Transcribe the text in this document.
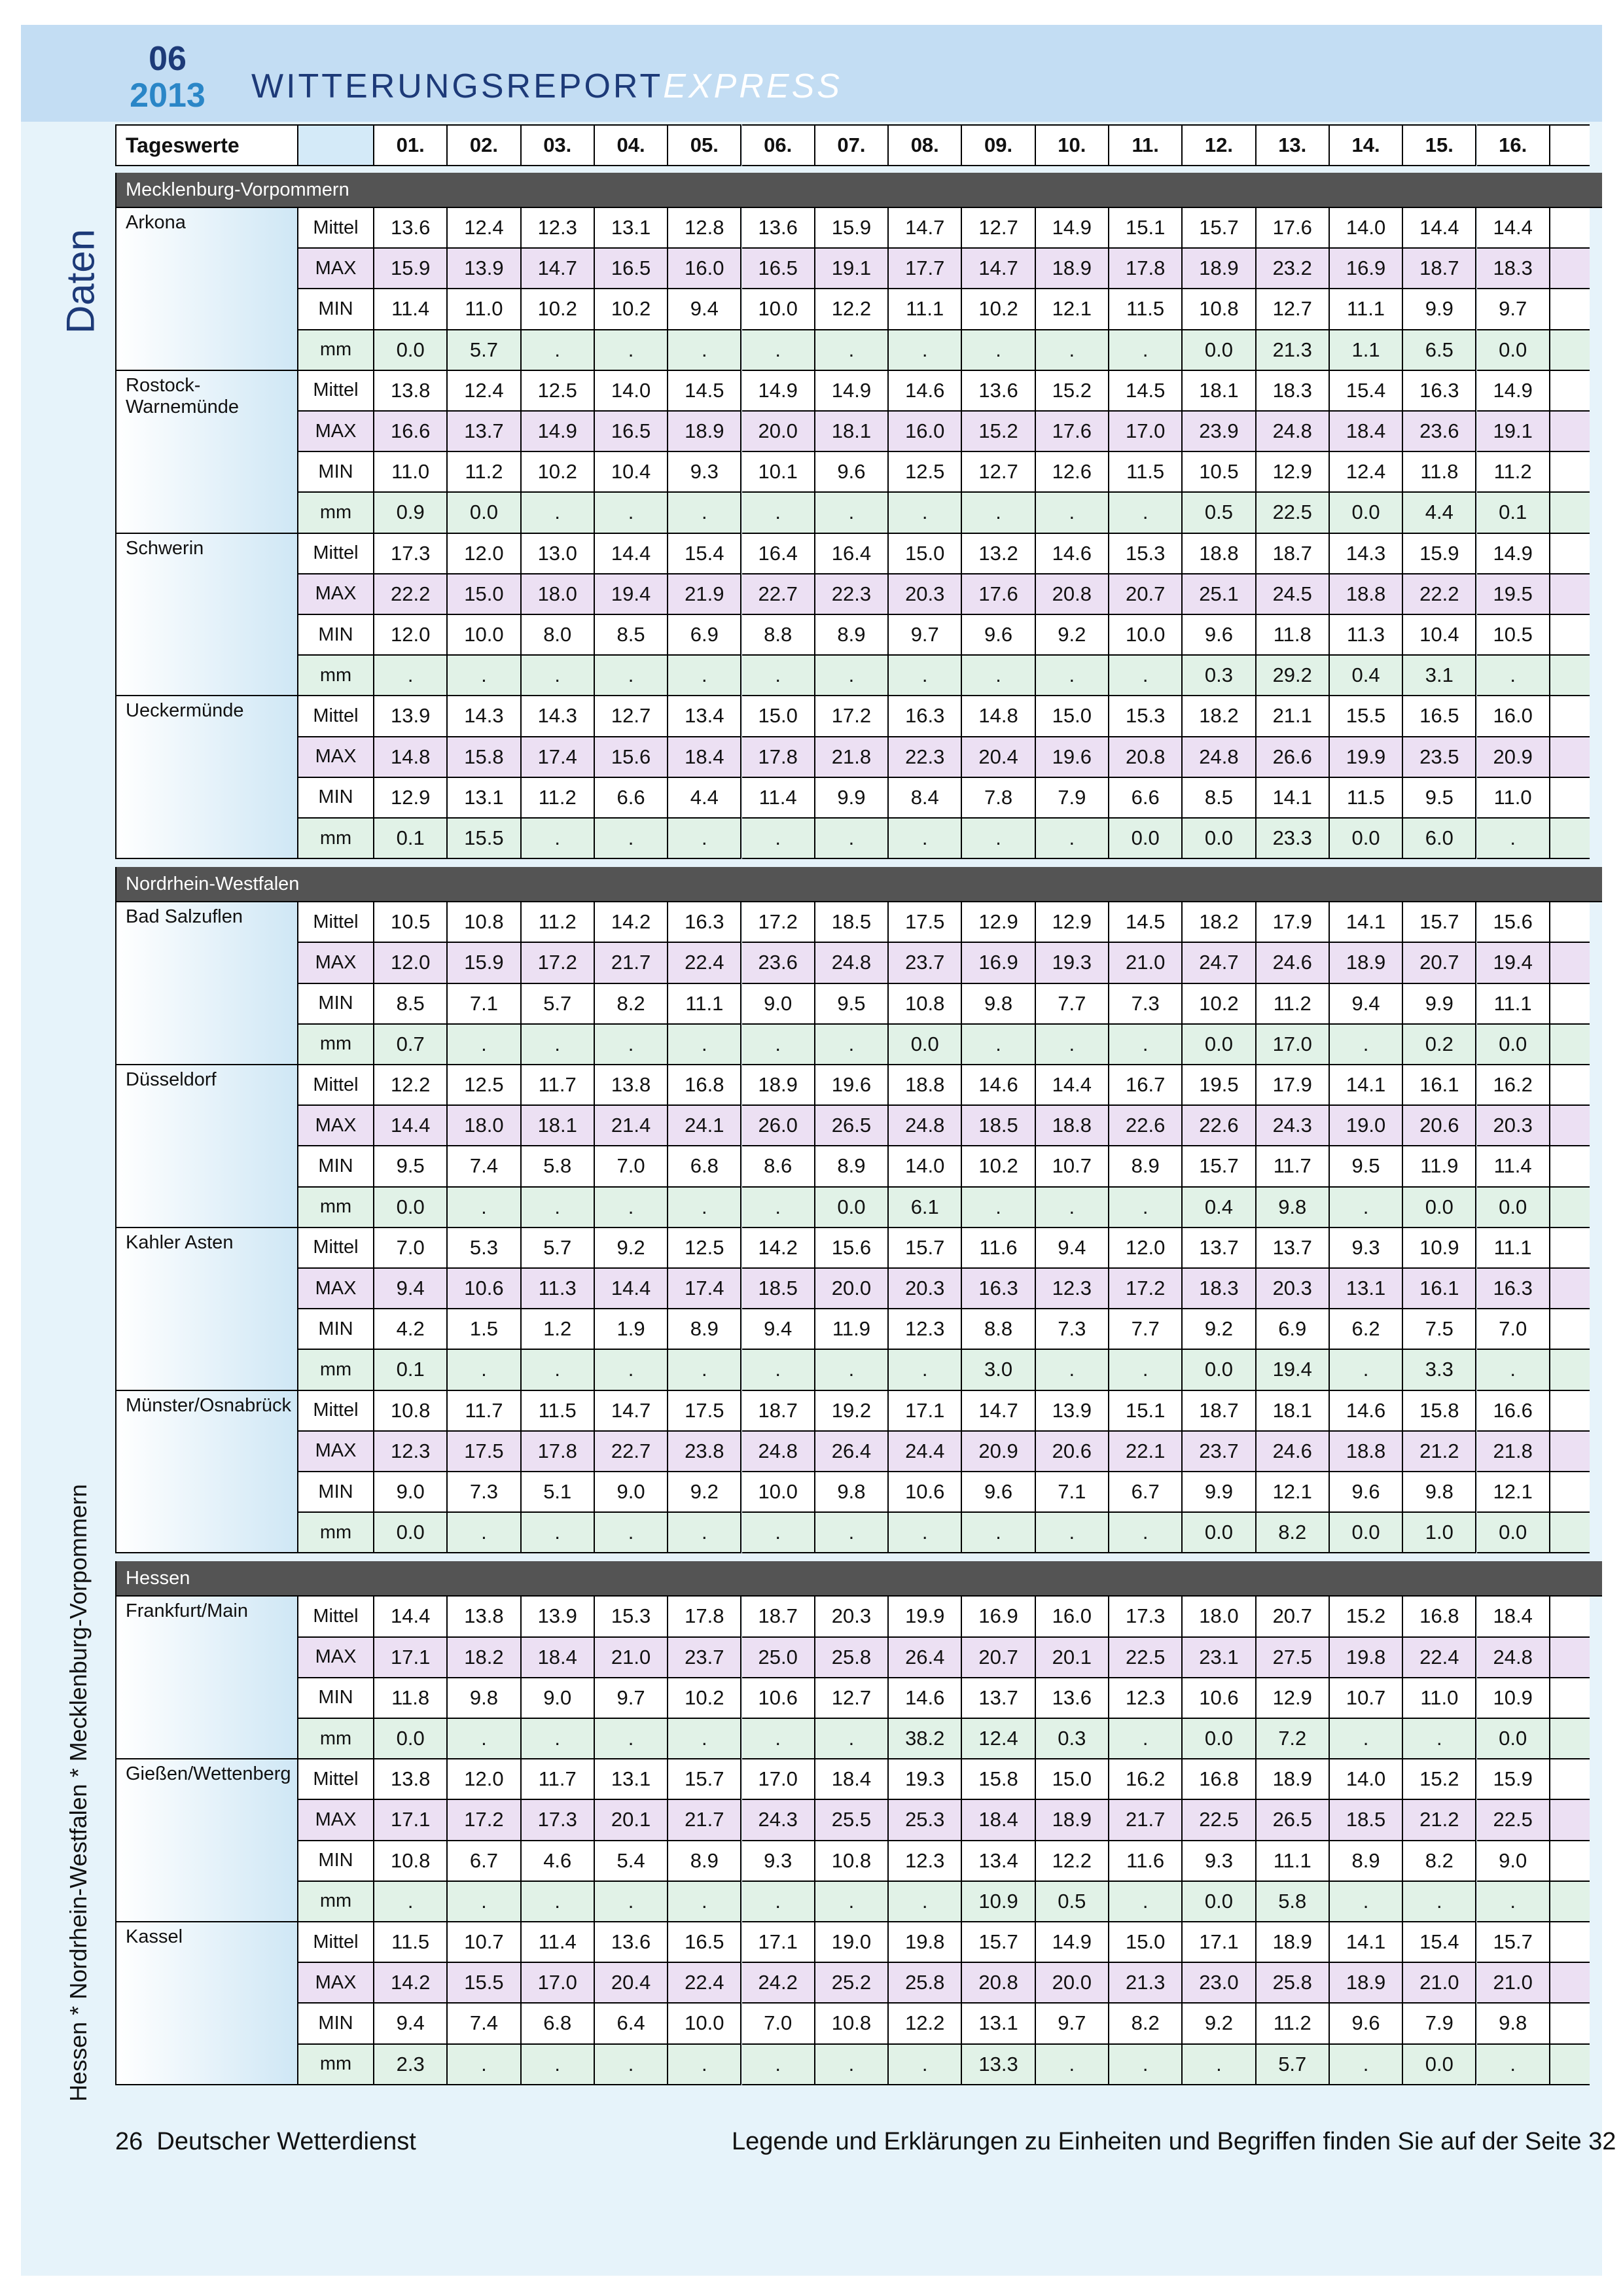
06
2013 WITTERUNGSREPORTEXPRESS
Daten
Hessen * Nordrhein-Westfalen * Mecklenburg-Vorpommern
Tageswerte	01.	02.	03.	04.	05.	06.	07.	08.	09.	10.	11.	12.	13.	14.	15.	16.
Mecklenburg-Vorpommern
Arkona	Mittel	13.6	12.4	12.3	13.1	12.8	13.6	15.9	14.7	12.7	14.9	15.1	15.7	17.6	14.0	14.4	14.4
MAX	15.9	13.9	14.7	16.5	16.0	16.5	19.1	17.7	14.7	18.9	17.8	18.9	23.2	16.9	18.7	18.3
MIN	11.4	11.0	10.2	10.2	9.4	10.0	12.2	11.1	10.2	12.1	11.5	10.8	12.7	11.1	9.9	9.7
mm	0.0	5.7	.	.	.	.	.	.	.	.	.	0.0	21.3	1.1	6.5	0.0
Rostock-Warnemünde
Mittel	13.8	12.4	12.5	14.0	14.5	14.9	14.9	14.6	13.6	15.2	14.5	18.1	18.3	15.4	16.3	14.9
MAX	16.6	13.7	14.9	16.5	18.9	20.0	18.1	16.0	15.2	17.6	17.0	23.9	24.8	18.4	23.6	19.1
MIN	11.0	11.2	10.2	10.4	9.3	10.1	9.6	12.5	12.7	12.6	11.5	10.5	12.9	12.4	11.8	11.2
mm	0.9	0.0	.	.	.	.	.	.	.	.	.	0.5	22.5	0.0	4.4	0.1
Schwerin	Mittel	17.3	12.0	13.0	14.4	15.4	16.4	16.4	15.0	13.2	14.6	15.3	18.8	18.7	14.3	15.9	14.9
MAX	22.2	15.0	18.0	19.4	21.9	22.7	22.3	20.3	17.6	20.8	20.7	25.1	24.5	18.8	22.2	19.5
MIN	12.0	10.0	8.0	8.5	6.9	8.8	8.9	9.7	9.6	9.2	10.0	9.6	11.8	11.3	10.4	10.5
mm	.	.	.	.	.	.	.	.	.	.	.	0.3	29.2	0.4	3.1	.
Ueckermünde	Mittel	13.9	14.3	14.3	12.7	13.4	15.0	17.2	16.3	14.8	15.0	15.3	18.2	21.1	15.5	16.5	16.0
MAX	14.8	15.8	17.4	15.6	18.4	17.8	21.8	22.3	20.4	19.6	20.8	24.8	26.6	19.9	23.5	20.9
MIN	12.9	13.1	11.2	6.6	4.4	11.4	9.9	8.4	7.8	7.9	6.6	8.5	14.1	11.5	9.5	11.0
mm	0.1	15.5	.	.	.	.	.	.	.	.	0.0	0.0	23.3	0.0	6.0	.
Nordrhein-Westfalen
Bad Salzuflen	Mittel	10.5	10.8	11.2	14.2	16.3	17.2	18.5	17.5	12.9	12.9	14.5	18.2	17.9	14.1	15.7	15.6
MAX	12.0	15.9	17.2	21.7	22.4	23.6	24.8	23.7	16.9	19.3	21.0	24.7	24.6	18.9	20.7	19.4
MIN	8.5	7.1	5.7	8.2	11.1	9.0	9.5	10.8	9.8	7.7	7.3	10.2	11.2	9.4	9.9	11.1
mm	0.7	.	.	.	.	.	.	0.0	.	.	.	0.0	17.0	.	0.2	0.0
Düsseldorf	Mittel	12.2	12.5	11.7	13.8	16.8	18.9	19.6	18.8	14.6	14.4	16.7	19.5	17.9	14.1	16.1	16.2
MAX	14.4	18.0	18.1	21.4	24.1	26.0	26.5	24.8	18.5	18.8	22.6	22.6	24.3	19.0	20.6	20.3
MIN	9.5	7.4	5.8	7.0	6.8	8.6	8.9	14.0	10.2	10.7	8.9	15.7	11.7	9.5	11.9	11.4
mm	0.0	.	.	.	.	.	0.0	6.1	.	.	.	0.4	9.8	.	0.0	0.0
Kahler Asten	Mittel	7.0	5.3	5.7	9.2	12.5	14.2	15.6	15.7	11.6	9.4	12.0	13.7	13.7	9.3	10.9	11.1
MAX	9.4	10.6	11.3	14.4	17.4	18.5	20.0	20.3	16.3	12.3	17.2	18.3	20.3	13.1	16.1	16.3
MIN	4.2	1.5	1.2	1.9	8.9	9.4	11.9	12.3	8.8	7.3	7.7	9.2	6.9	6.2	7.5	7.0
mm	0.1	.	.	.	.	.	.	.	3.0	.	.	0.0	19.4	.	3.3	.
Münster/Osnabrück	Mittel	10.8	11.7	11.5	14.7	17.5	18.7	19.2	17.1	14.7	13.9	15.1	18.7	18.1	14.6	15.8	16.6
MAX	12.3	17.5	17.8	22.7	23.8	24.8	26.4	24.4	20.9	20.6	22.1	23.7	24.6	18.8	21.2	21.8
MIN	9.0	7.3	5.1	9.0	9.2	10.0	9.8	10.6	9.6	7.1	6.7	9.9	12.1	9.6	9.8	12.1
mm	0.0	.	.	.	.	.	.	.	.	.	.	0.0	8.2	0.0	1.0	0.0
Hessen
Frankfurt/Main	Mittel	14.4	13.8	13.9	15.3	17.8	18.7	20.3	19.9	16.9	16.0	17.3	18.0	20.7	15.2	16.8	18.4
MAX	17.1	18.2	18.4	21.0	23.7	25.0	25.8	26.4	20.7	20.1	22.5	23.1	27.5	19.8	22.4	24.8
MIN	11.8	9.8	9.0	9.7	10.2	10.6	12.7	14.6	13.7	13.6	12.3	10.6	12.9	10.7	11.0	10.9
mm	0.0	.	.	.	.	.	.	38.2	12.4	0.3	.	0.0	7.2	.	.	0.0
Gießen/Wettenberg	Mittel	13.8	12.0	11.7	13.1	15.7	17.0	18.4	19.3	15.8	15.0	16.2	16.8	18.9	14.0	15.2	15.9
MAX	17.1	17.2	17.3	20.1	21.7	24.3	25.5	25.3	18.4	18.9	21.7	22.5	26.5	18.5	21.2	22.5
MIN	10.8	6.7	4.6	5.4	8.9	9.3	10.8	12.3	13.4	12.2	11.6	9.3	11.1	8.9	8.2	9.0
mm	.	.	.	.	.	.	.	.	10.9	0.5	.	0.0	5.8	.	.	.
Kassel	Mittel	11.5	10.7	11.4	13.6	16.5	17.1	19.0	19.8	15.7	14.9	15.0	17.1	18.9	14.1	15.4	15.7
MAX	14.2	15.5	17.0	20.4	22.4	24.2	25.2	25.8	20.8	20.0	21.3	23.0	25.8	18.9	21.0	21.0
MIN	9.4	7.4	6.8	6.4	10.0	7.0	10.8	12.2	13.1	9.7	8.2	9.2	11.2	9.6	7.9	9.8
mm	2.3	.	.	.	.	.	.	.	13.3	.	.	.	5.7	.	0.0	.
26 Deutscher Wetterdienst	Legende und Erklärungen zu Einheiten und Begriffen finden Sie auf der Seite 32
